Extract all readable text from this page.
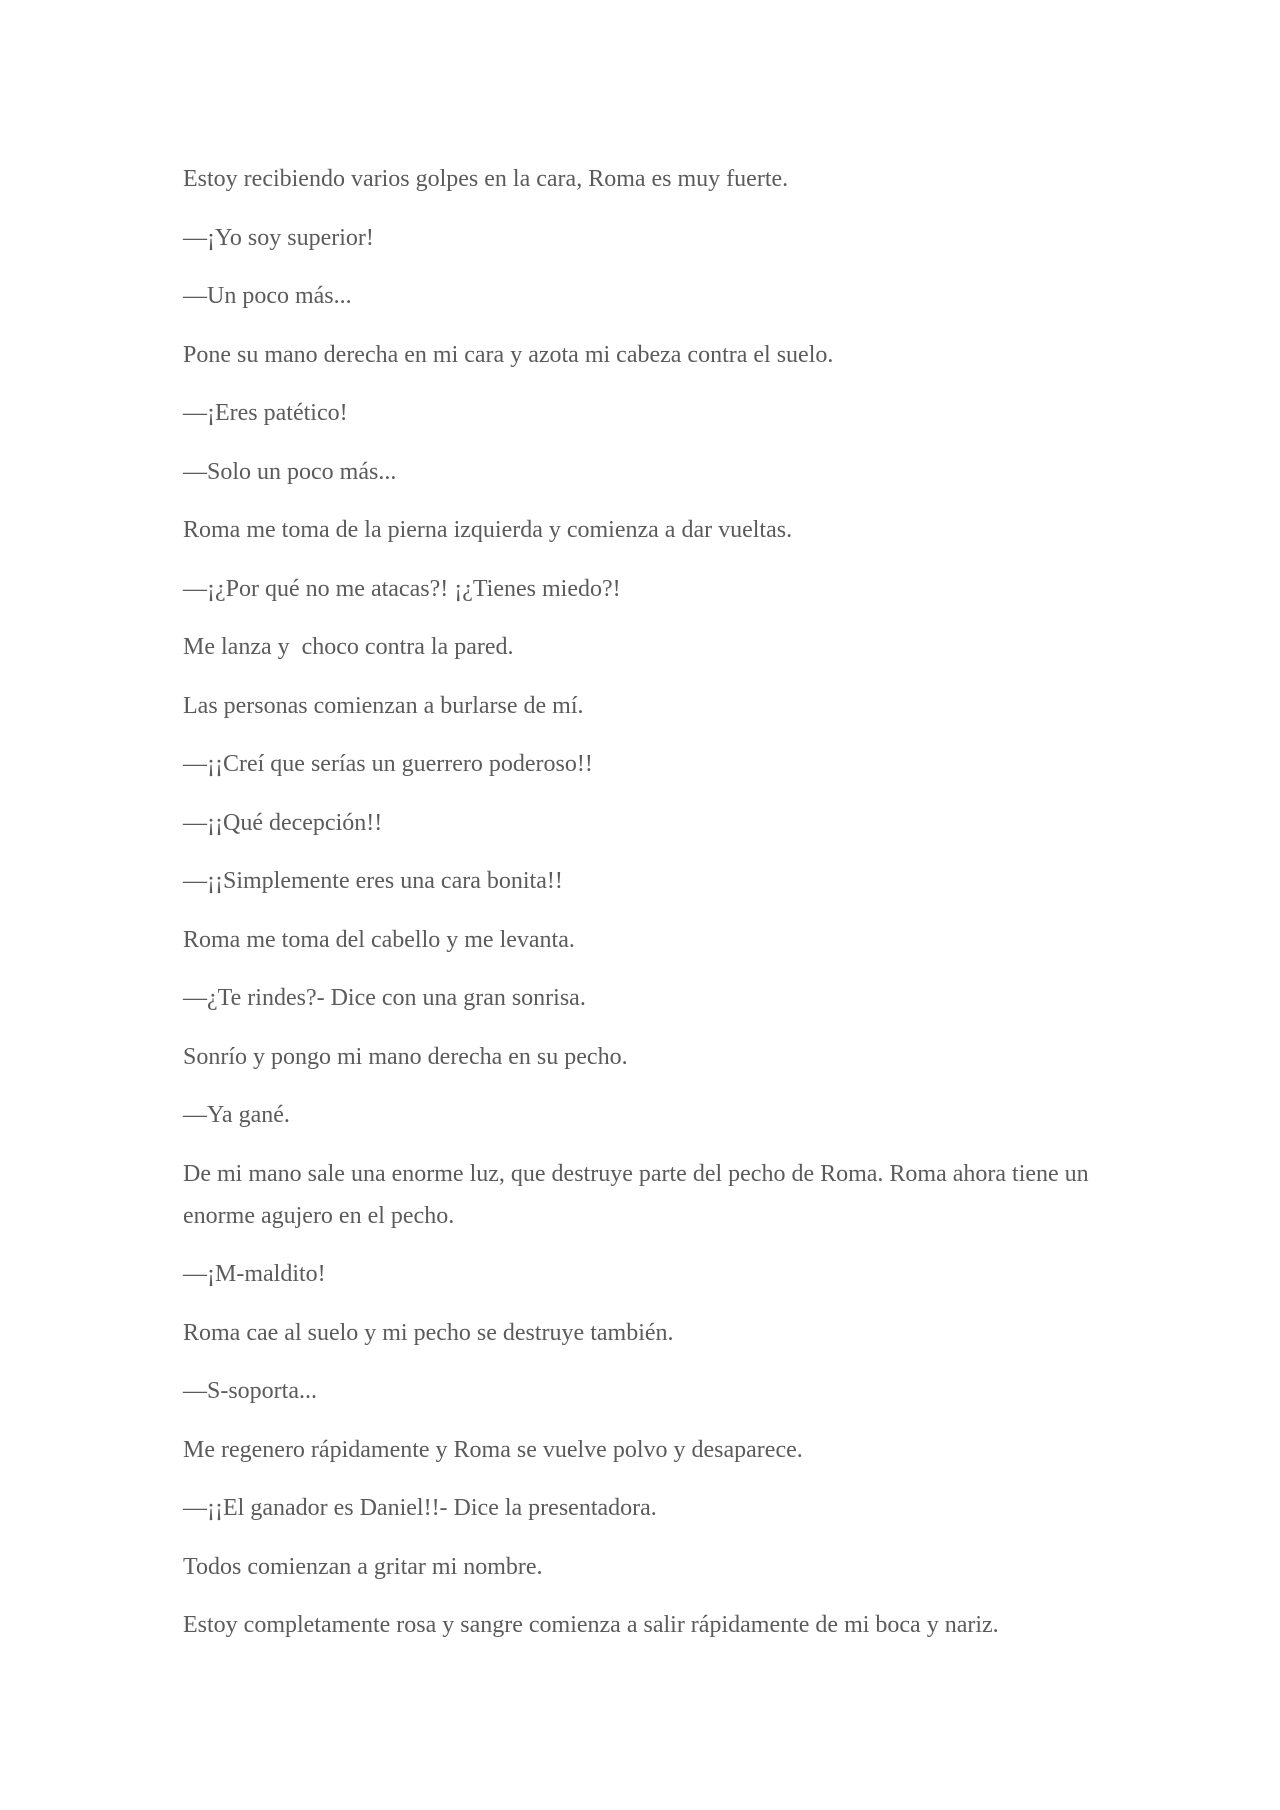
Estoy recibiendo varios golpes en la cara, Roma es muy fuerte.

—¡Yo soy superior!

—Un poco más...

Pone su mano derecha en mi cara y azota mi cabeza contra el suelo.

—¡Eres patético!

—Solo un poco más...

Roma me toma de la pierna izquierda y comienza a dar vueltas.

—¡¿Por qué no me atacas?! ¡¿Tienes miedo?!

Me lanza y  choco contra la pared.

Las personas comienzan a burlarse de mí.

—¡¡Creí que serías un guerrero poderoso!!

—¡¡Qué decepción!!

—¡¡Simplemente eres una cara bonita!!

Roma me toma del cabello y me levanta.

—¿Te rindes?- Dice con una gran sonrisa.

Sonrío y pongo mi mano derecha en su pecho.

—Ya gané.

De mi mano sale una enorme luz, que destruye parte del pecho de Roma. Roma ahora tiene un enorme agujero en el pecho.

—¡M-maldito!

Roma cae al suelo y mi pecho se destruye también.

—S-soporta...

Me regenero rápidamente y Roma se vuelve polvo y desaparece.

—¡¡El ganador es Daniel!!- Dice la presentadora.

Todos comienzan a gritar mi nombre.

Estoy completamente rosa y sangre comienza a salir rápidamente de mi boca y nariz.
